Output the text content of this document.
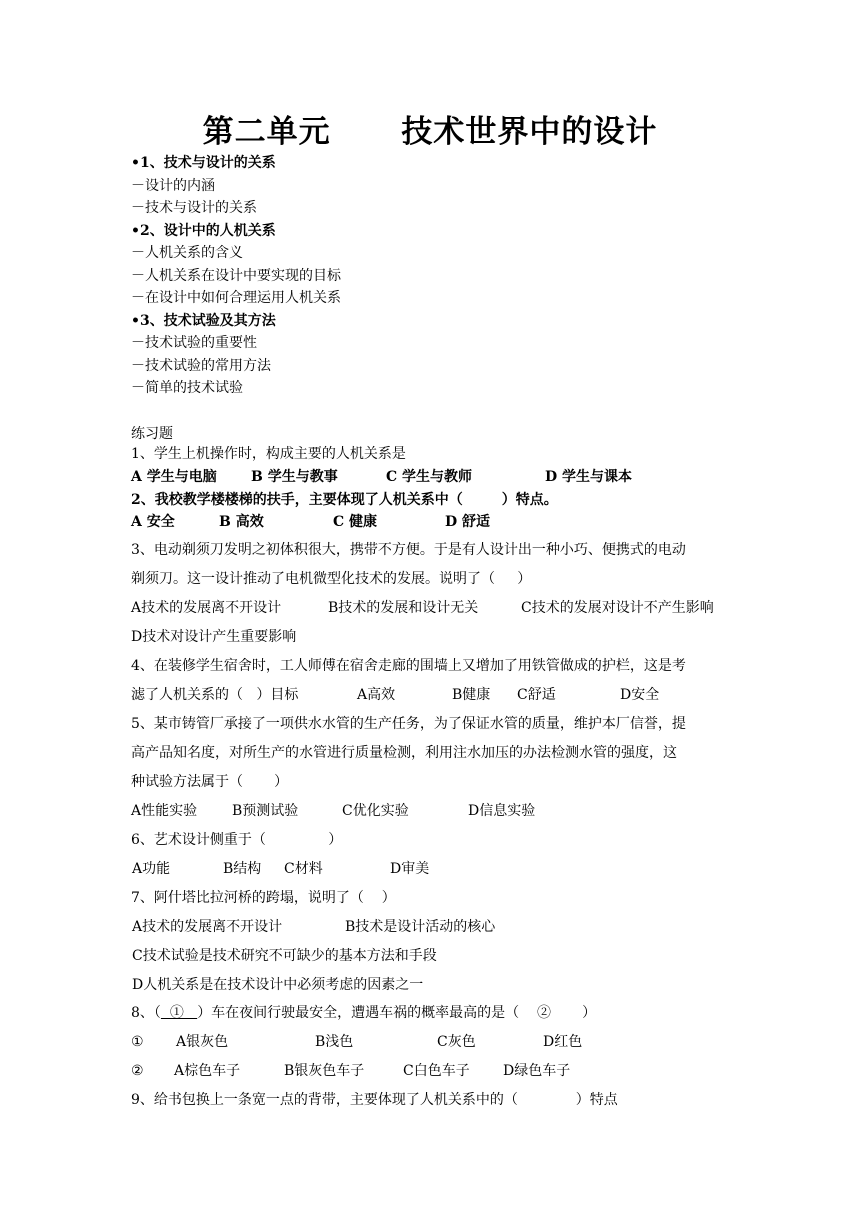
第二单元      技术世界中的设计
•1、技术与设计的关系
－设计的内涵
－技术与设计的关系
•2、设计中的人机关系
－人机关系的含义
－人机关系在设计中要实现的目标
－在设计中如何合理运用人机关系
•3、技术试验及其方法
－技术试验的重要性
－技术试验的常用方法
－简单的技术试验
练习题
1、学生上机操作时，构成主要的人机关系是

A 学生与电脑

B 学生与教事

	C 学生与教师

	D 学生与课本

2、我校教学楼楼梯的扶手，主要体现了人机关系中（        ）特点。

A 安全

	B 高效

	C 健康

	D 舒适

3、电动剃须刀发明之初体积很大，携带不方便。于是有人设计出一种小巧、便携式的电动
剃须刀。这一设计推动了电机微型化技术的发展。说明了（     ）

A技术的发展离不开设计

	B技术的发展和设计无关

	C技术的发展对设计不产生影响

D技术对设计产生重要影响
4、在装修学生宿舍时，工人师傅在宿舍走廊的围墙上又增加了用铁管做成的护栏，这是考

滤了人机关系的（   ）目标

	A高效

	B健康

C舒适

	D安全

5、某市铸管厂承接了一项供水水管的生产任务，为了保证水管的质量，维护本厂信誉，提
高产品知名度，对所生产的水管进行质量检测，利用注水加压的办法检测水管的强度，这
种试验方法属于（       ）

A性能实验

B预测试验

	C优化实验

	D信息实验

6、艺术设计侧重于（              ）

A功能

	B结构

C材料

	D审美

7、阿什塔比拉河桥的跨塌，说明了（    ）

A技术的发展离不开设计

	B技术是设计活动的核心

C技术试验是技术研究不可缺少的基本方法和手段
D人机关系是在技术设计中必须考虑的因素之一
8、（  ①   ）车在夜间行驶最安全，遭遇车祸的概率最高的是（    ②       ）

①

A银灰色

	B浅色

	C灰色

	D红色

②

A棕色车子

	B银灰色车子

	C白色车子

D绿色车子

9、给书包换上一条宽一点的背带，主要体现了人机关系中的（             ）特点
